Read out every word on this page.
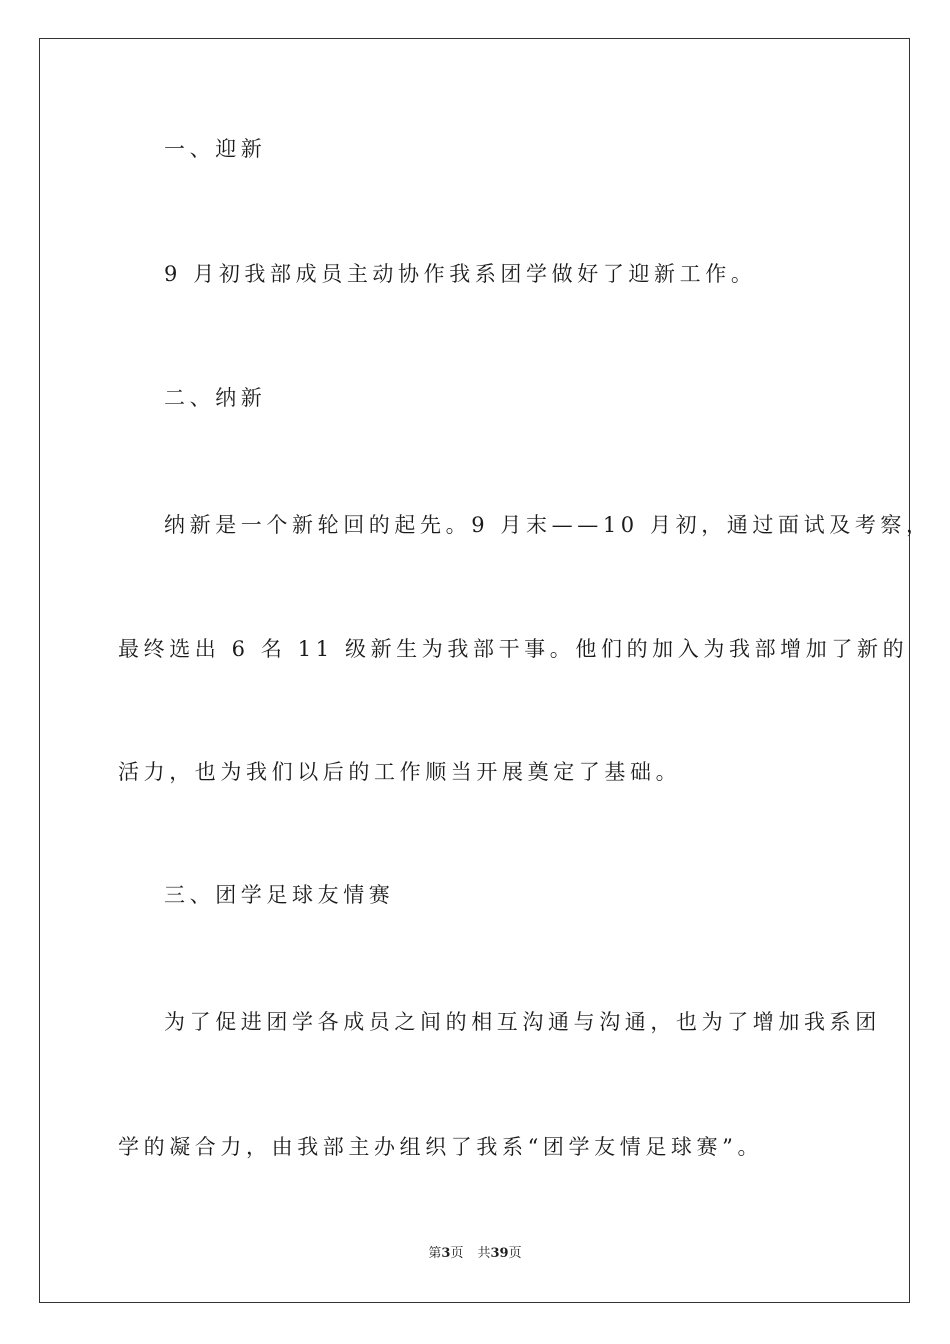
一、迎新
9 月初我部成员主动协作我系团学做好了迎新工作。
二、纳新
纳新是一个新轮回的起先。9 月末——10 月初，通过面试及考察，
最终选出 6 名 11 级新生为我部干事。他们的加入为我部增加了新的
活力，也为我们以后的工作顺当开展奠定了基础。
三、团学足球友情赛
为了促进团学各成员之间的相互沟通与沟通，也为了增加我系团
学的凝合力，由我部主办组织了我系“团学友情足球赛”。
第3页 共39页
